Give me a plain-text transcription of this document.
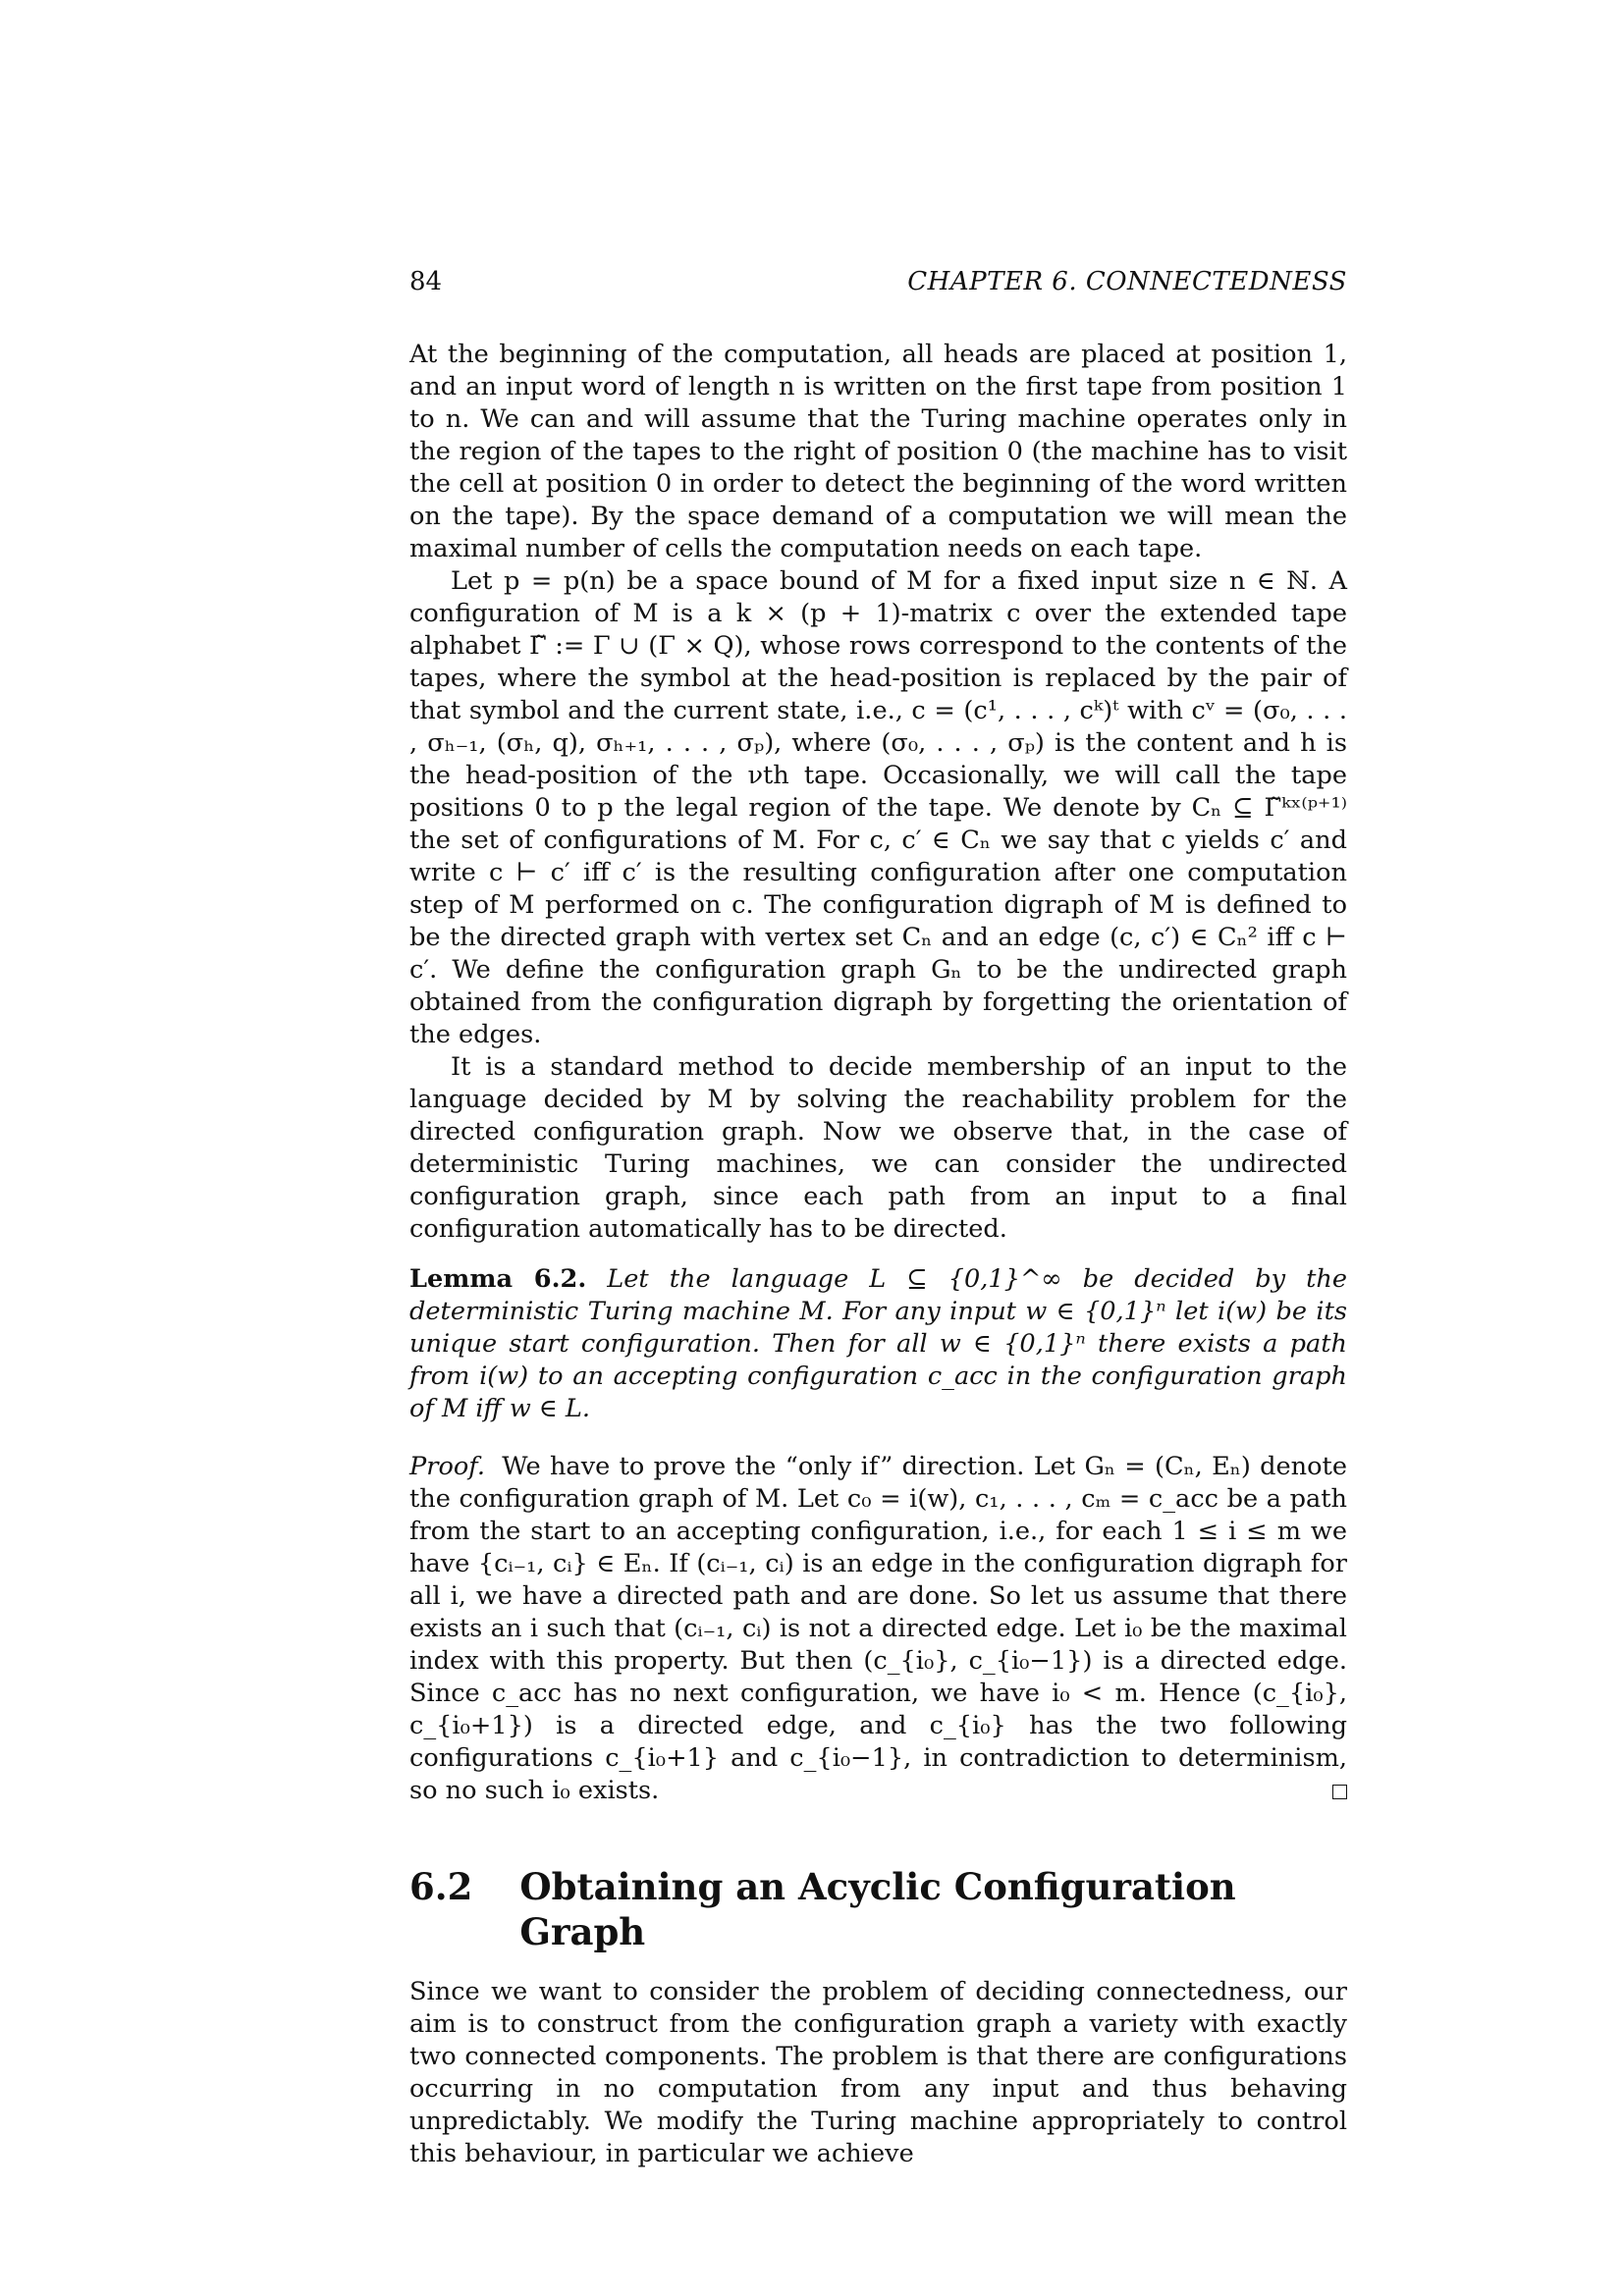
84	CHAPTER 6. CONNECTEDNESS

At the beginning of the computation, all heads are placed at position 1, and an input word of length n is written on the first tape from position 1 to n. We can and will assume that the Turing machine operates only in the region of the tapes to the right of position 0 (the machine has to visit the cell at position 0 in order to detect the beginning of the word written on the tape). By the space demand of a computation we will mean the maximal number of cells the computation needs on each tape.

Let p = p(n) be a space bound of M for a fixed input size n ∈ ℕ. A configuration of M is a k × (p + 1)-matrix c over the extended tape alphabet Γ̃ := Γ ∪ (Γ × Q), whose rows correspond to the contents of the tapes, where the symbol at the head-position is replaced by the pair of that symbol and the current state, i.e., c = (c¹, . . . , cᵏ)ᵗ with cᵛ = (σ₀, . . . , σₕ₋₁, (σₕ, q), σₕ₊₁, . . . , σₚ), where (σ₀, . . . , σₚ) is the content and h is the head-position of the νth tape. Occasionally, we will call the tape positions 0 to p the legal region of the tape. We denote by Cₙ ⊆ Γ̃ᵏˣ⁽ᵖ⁺¹⁾ the set of configurations of M. For c, c′ ∈ Cₙ we say that c yields c′ and write c ⊢ c′ iff c′ is the resulting configuration after one computation step of M performed on c. The configuration digraph of M is defined to be the directed graph with vertex set Cₙ and an edge (c, c′) ∈ Cₙ² iff c ⊢ c′. We define the configuration graph Gₙ to be the undirected graph obtained from the configuration digraph by forgetting the orientation of the edges.

It is a standard method to decide membership of an input to the language decided by M by solving the reachability problem for the directed configuration graph. Now we observe that, in the case of deterministic Turing machines, we can consider the undirected configuration graph, since each path from an input to a final configuration automatically has to be directed.

Lemma 6.2. Let the language L ⊆ {0,1}^∞ be decided by the deterministic Turing machine M. For any input w ∈ {0,1}ⁿ let i(w) be its unique start configuration. Then for all w ∈ {0,1}ⁿ there exists a path from i(w) to an accepting configuration c_acc in the configuration graph of M iff w ∈ L.

Proof. We have to prove the “only if” direction. Let Gₙ = (Cₙ, Eₙ) denote the configuration graph of M. Let c₀ = i(w), c₁, . . . , cₘ = c_acc be a path from the start to an accepting configuration, i.e., for each 1 ≤ i ≤ m we have {cᵢ₋₁, cᵢ} ∈ Eₙ. If (cᵢ₋₁, cᵢ) is an edge in the configuration digraph for all i, we have a directed path and are done. So let us assume that there exists an i such that (cᵢ₋₁, cᵢ) is not a directed edge. Let i₀ be the maximal index with this property. But then (c_{i₀}, c_{i₀−1}) is a directed edge. Since c_acc has no next configuration, we have i₀ < m. Hence (c_{i₀}, c_{i₀+1}) is a directed edge, and c_{i₀} has the two following configurations c_{i₀+1} and c_{i₀−1}, in contradiction to determinism, so no such i₀ exists.

6.2 Obtaining an Acyclic Configuration Graph

Since we want to consider the problem of deciding connectedness, our aim is to construct from the configuration graph a variety with exactly two connected components. The problem is that there are configurations occurring in no computation from any input and thus behaving unpredictably. We modify the Turing machine appropriately to control this behaviour, in particular we achieve
